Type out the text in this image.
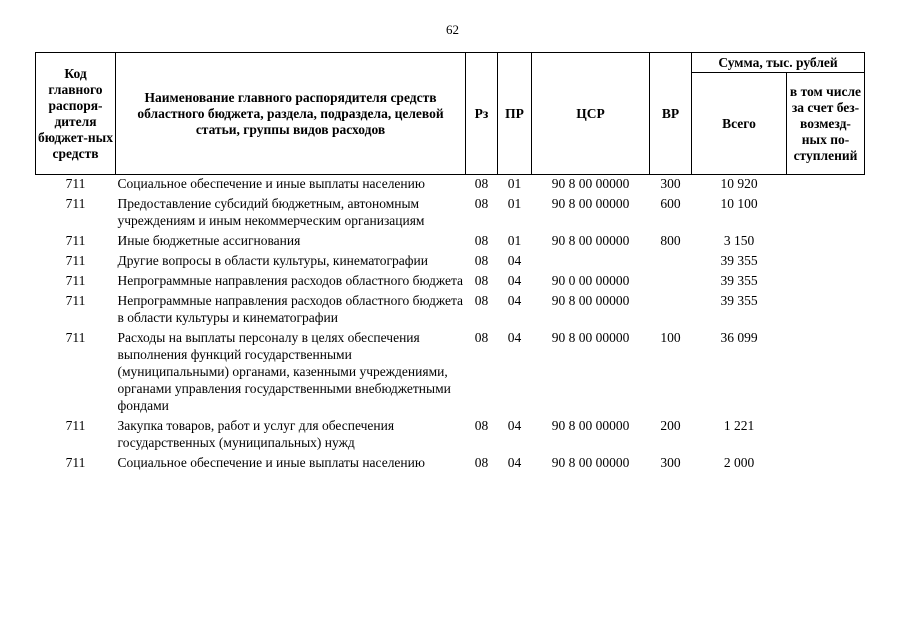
62
Код главного распоря-дителя бюджет-ных средств	Наименование главного распорядителя средств областного бюджета, раздела, подраздела, целевой статьи, группы видов расходов	Рз	ПР	ЦСР	ВР	Сумма, тыс. рублей	
						Всего	в том числе за счет без-возмезд-ных по-ступлений
711	Социальное обеспечение и иные выплаты населению	08	01	90 8 00 00000	300	10 920	
711	Предоставление субсидий бюджетным, автономным учреждениям и иным некоммерческим организациям	08	01	90 8 00 00000	600	10 100	
711	Иные бюджетные ассигнования	08	01	90 8 00 00000	800	3 150	
711	Другие вопросы в области культуры, кинематографии	08	04			39 355	
711	Непрограммные направления расходов областного бюджета	08	04	90 0 00 00000		39 355	
711	Непрограммные направления расходов областного бюджета в области культуры и кинематографии	08	04	90 8 00 00000		39 355	
711	Расходы на выплаты персоналу в целях обеспечения выполнения функций государственными (муниципальными) органами, казенными учреждениями, органами управления государственными внебюджетными фондами	08	04	90 8 00 00000	100	36 099	
711	Закупка товаров, работ и услуг для обеспечения государственных (муниципальных) нужд	08	04	90 8 00 00000	200	1 221	
711	Социальное обеспечение и иные выплаты населению	08	04	90 8 00 00000	300	2 000	
